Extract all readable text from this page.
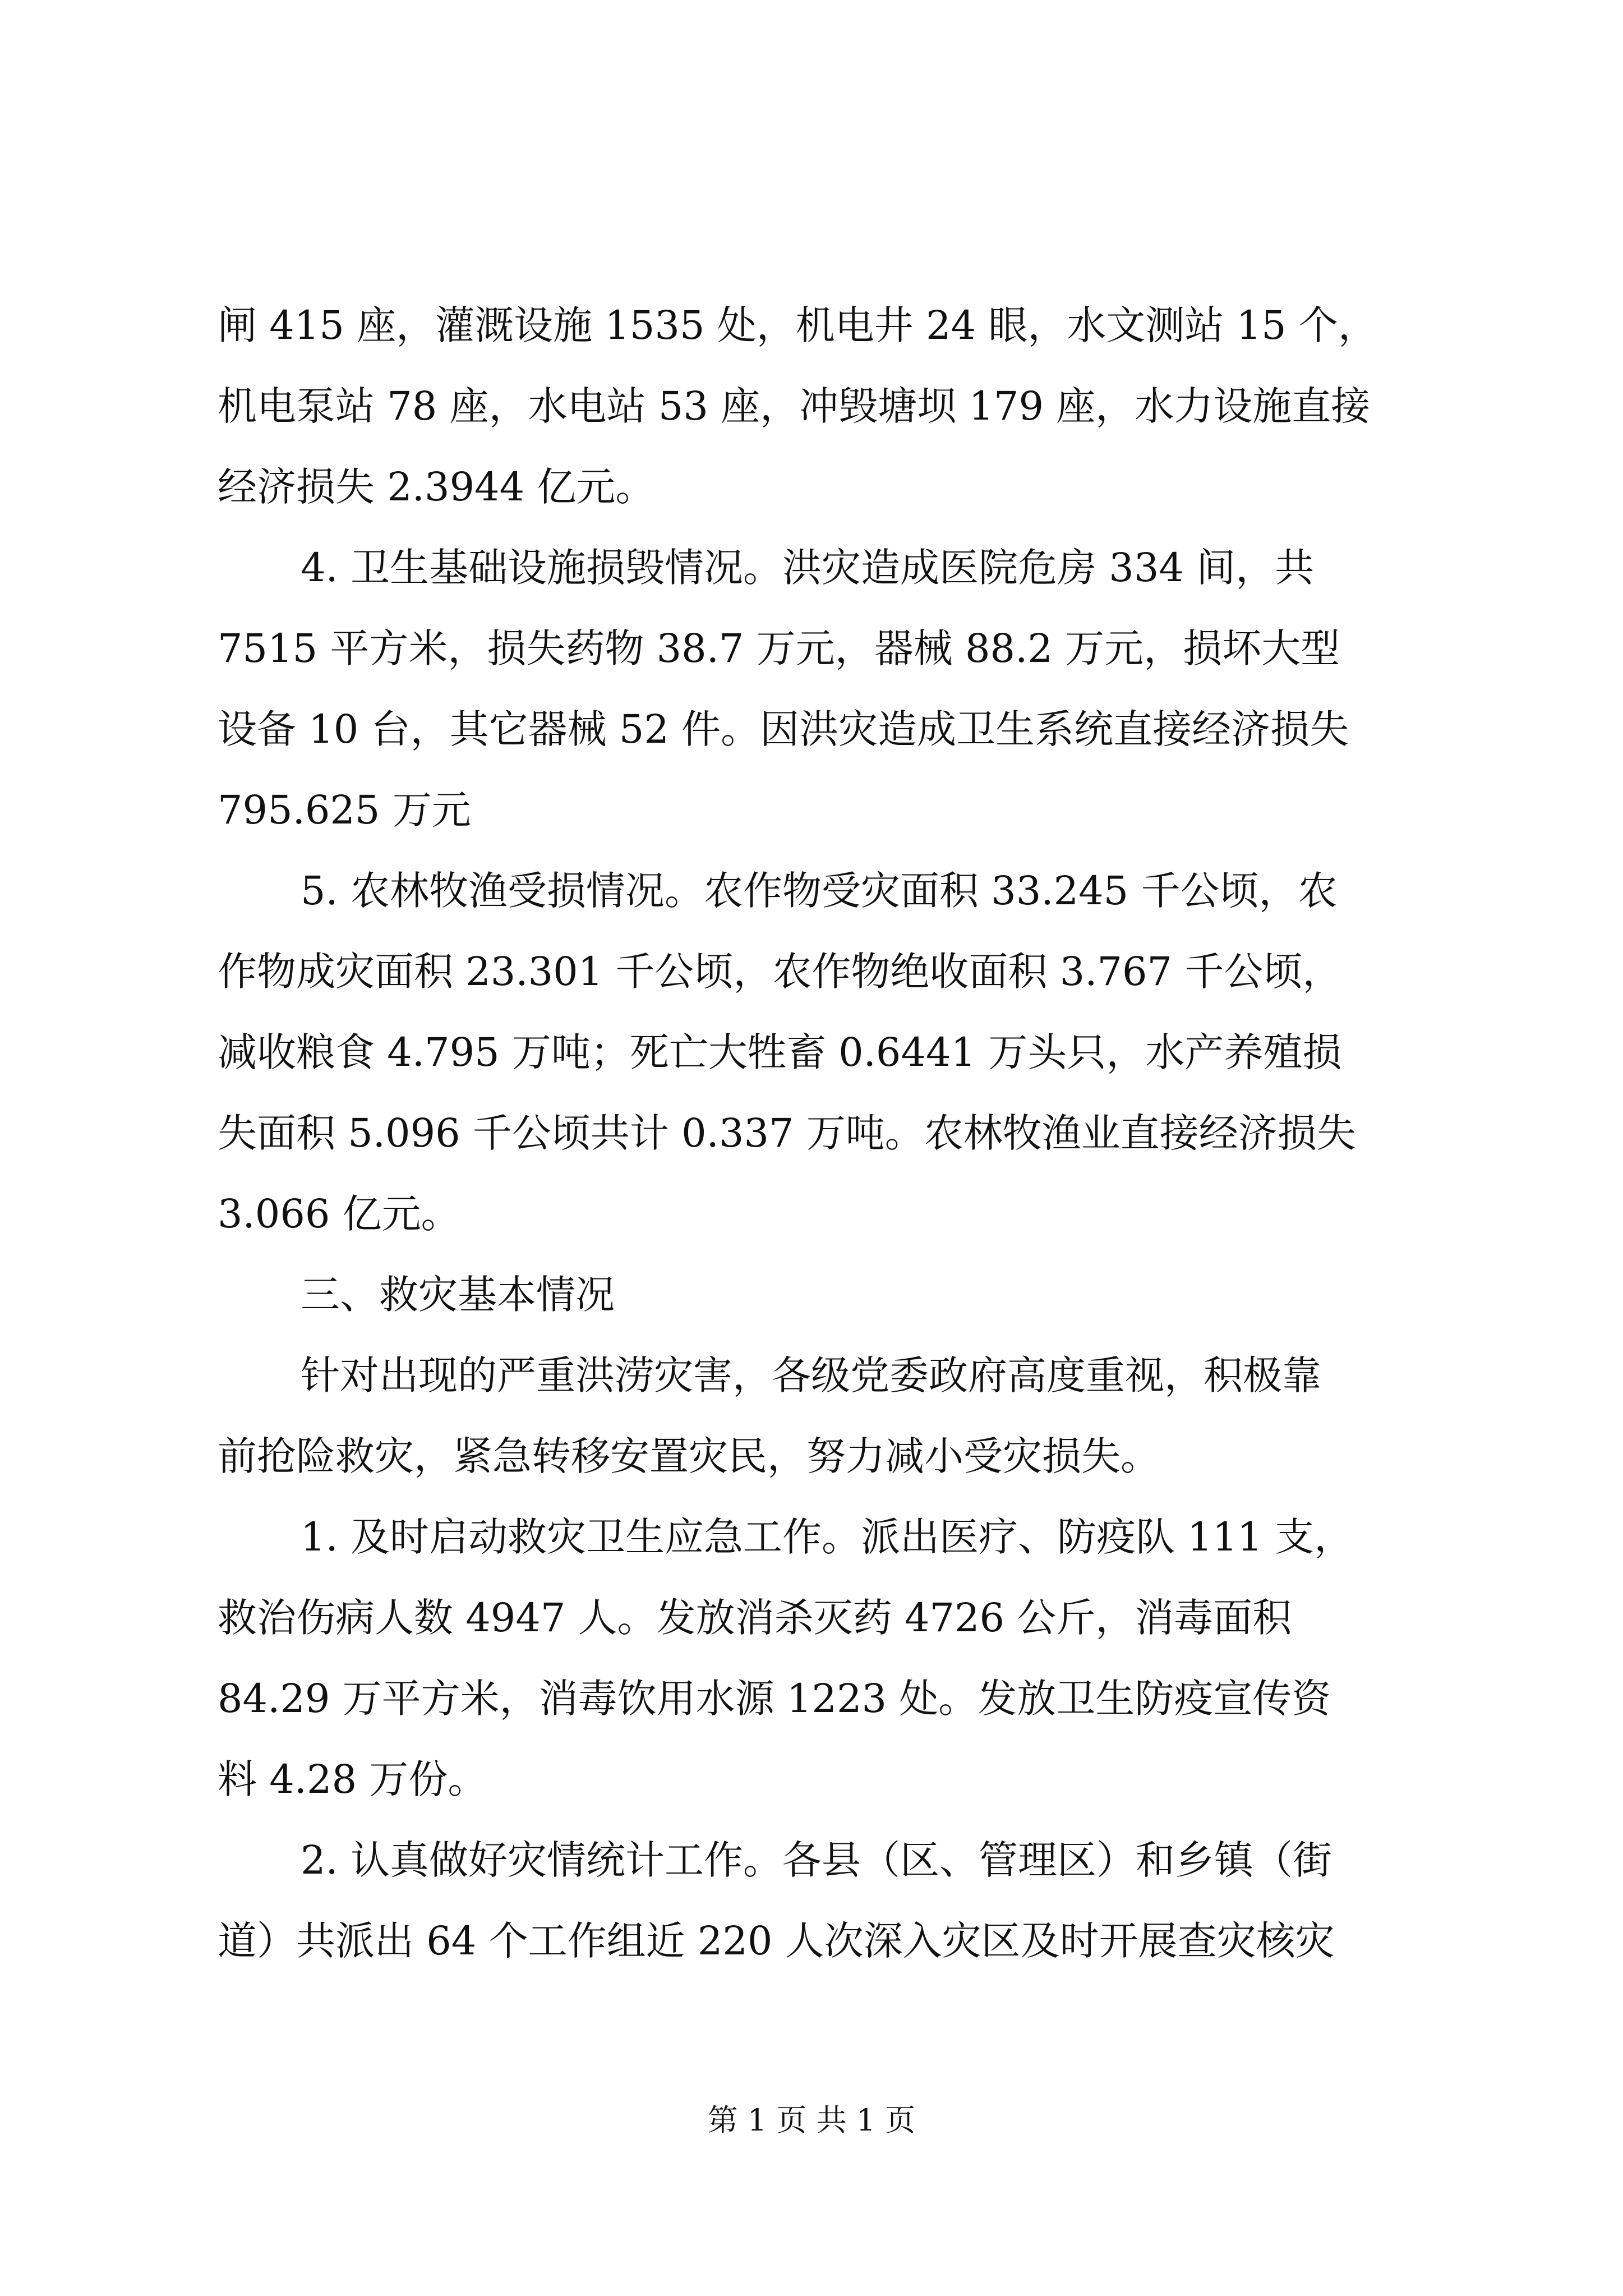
闸 415 座，灌溉设施 1535 处，机电井 24 眼，水文测站 15 个，
机电泵站 78 座，水电站 53 座，冲毁塘坝 179 座，水力设施直接
经济损失 2.3944 亿元。
4. 卫生基础设施损毁情况。洪灾造成医院危房 334 间，共
7515 平方米，损失药物 38.7 万元，器械 88.2 万元，损坏大型
设备 10 台，其它器械 52 件。因洪灾造成卫生系统直接经济损失
795.625 万元
5. 农林牧渔受损情况。农作物受灾面积 33.245 千公顷，农
作物成灾面积 23.301 千公顷，农作物绝收面积 3.767 千公顷，
减收粮食 4.795 万吨；死亡大牲畜 0.6441 万头只，水产养殖损
失面积 5.096 千公顷共计 0.337 万吨。农林牧渔业直接经济损失
3.066 亿元。
三、救灾基本情况
针对出现的严重洪涝灾害，各级党委政府高度重视，积极靠
前抢险救灾，紧急转移安置灾民，努力减小受灾损失。
1. 及时启动救灾卫生应急工作。派出医疗、防疫队 111 支，
救治伤病人数 4947 人。发放消杀灭药 4726 公斤，消毒面积
84.29 万平方米，消毒饮用水源 1223 处。发放卫生防疫宣传资
料 4.28 万份。
2. 认真做好灾情统计工作。各县（区、管理区）和乡镇（街
道）共派出 64 个工作组近 220 人次深入灾区及时开展查灾核灾
第 1 页 共 1 页
